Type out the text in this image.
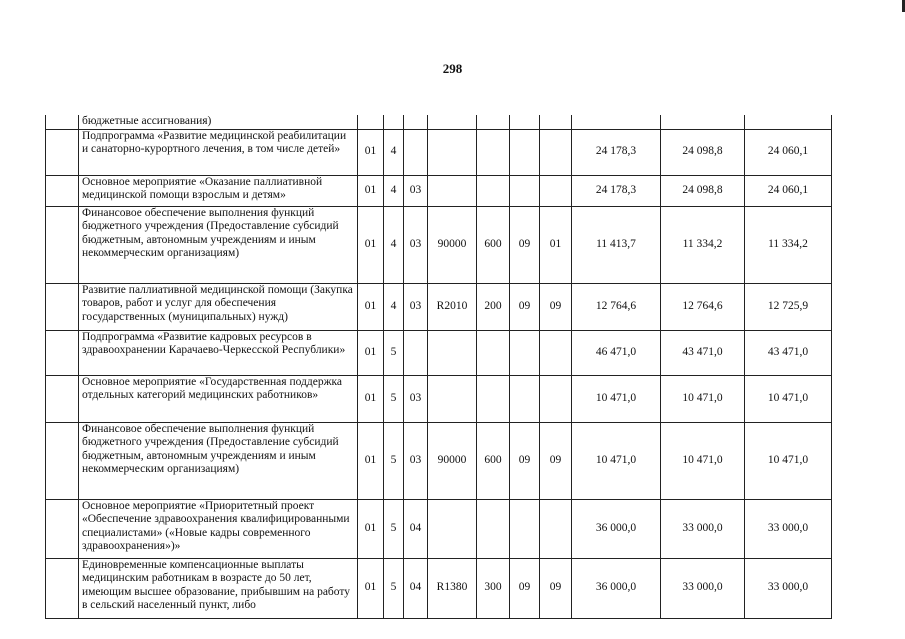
298
	бюджетные ассигнования)										
	Подпрограмма «Развитие медицинской реабилитации и санаторно-курортного лечения, в том числе детей»	01	4						24 178,3	24 098,8	24 060,1
	Основное мероприятие «Оказание паллиативной медицинской помощи взрослым и детям»	01	4	03					24 178,3	24 098,8	24 060,1
	Финансовое обеспечение выполнения функций бюджетного учреждения (Предоставление субсидий бюджетным, автономным учреждениям и иным некоммерческим организациям)	01	4	03	90000	600	09	01	11 413,7	11 334,2	11 334,2
	Развитие паллиативной медицинской помощи (Закупка товаров, работ и услуг для обеспечения государственных (муниципальных) нужд)	01	4	03	R2010	200	09	09	12 764,6	12 764,6	12 725,9
	Подпрограмма «Развитие кадровых ресурсов в здравоохранении Карачаево-Черкесской Республики»	01	5						46 471,0	43 471,0	43 471,0
	Основное мероприятие «Государственная поддержка отдельных категорий медицинских работников»	01	5	03					10 471,0	10 471,0	10 471,0
	Финансовое обеспечение выполнения функций бюджетного учреждения (Предоставление субсидий бюджетным, автономным учреждениям и иным некоммерческим организациям)	01	5	03	90000	600	09	09	10 471,0	10 471,0	10 471,0
	Основное мероприятие «Приоритетный проект «Обеспечение здравоохранения квалифицированными специалистами» («Новые кадры современного здравоохранения»)»	01	5	04					36 000,0	33 000,0	33 000,0
	Единовременные компенсационные выплаты медицинским работникам в возрасте до 50 лет, имеющим высшее образование, прибывшим на работу в сельский населенный пункт, либо	01	5	04	R1380	300	09	09	36 000,0	33 000,0	33 000,0
